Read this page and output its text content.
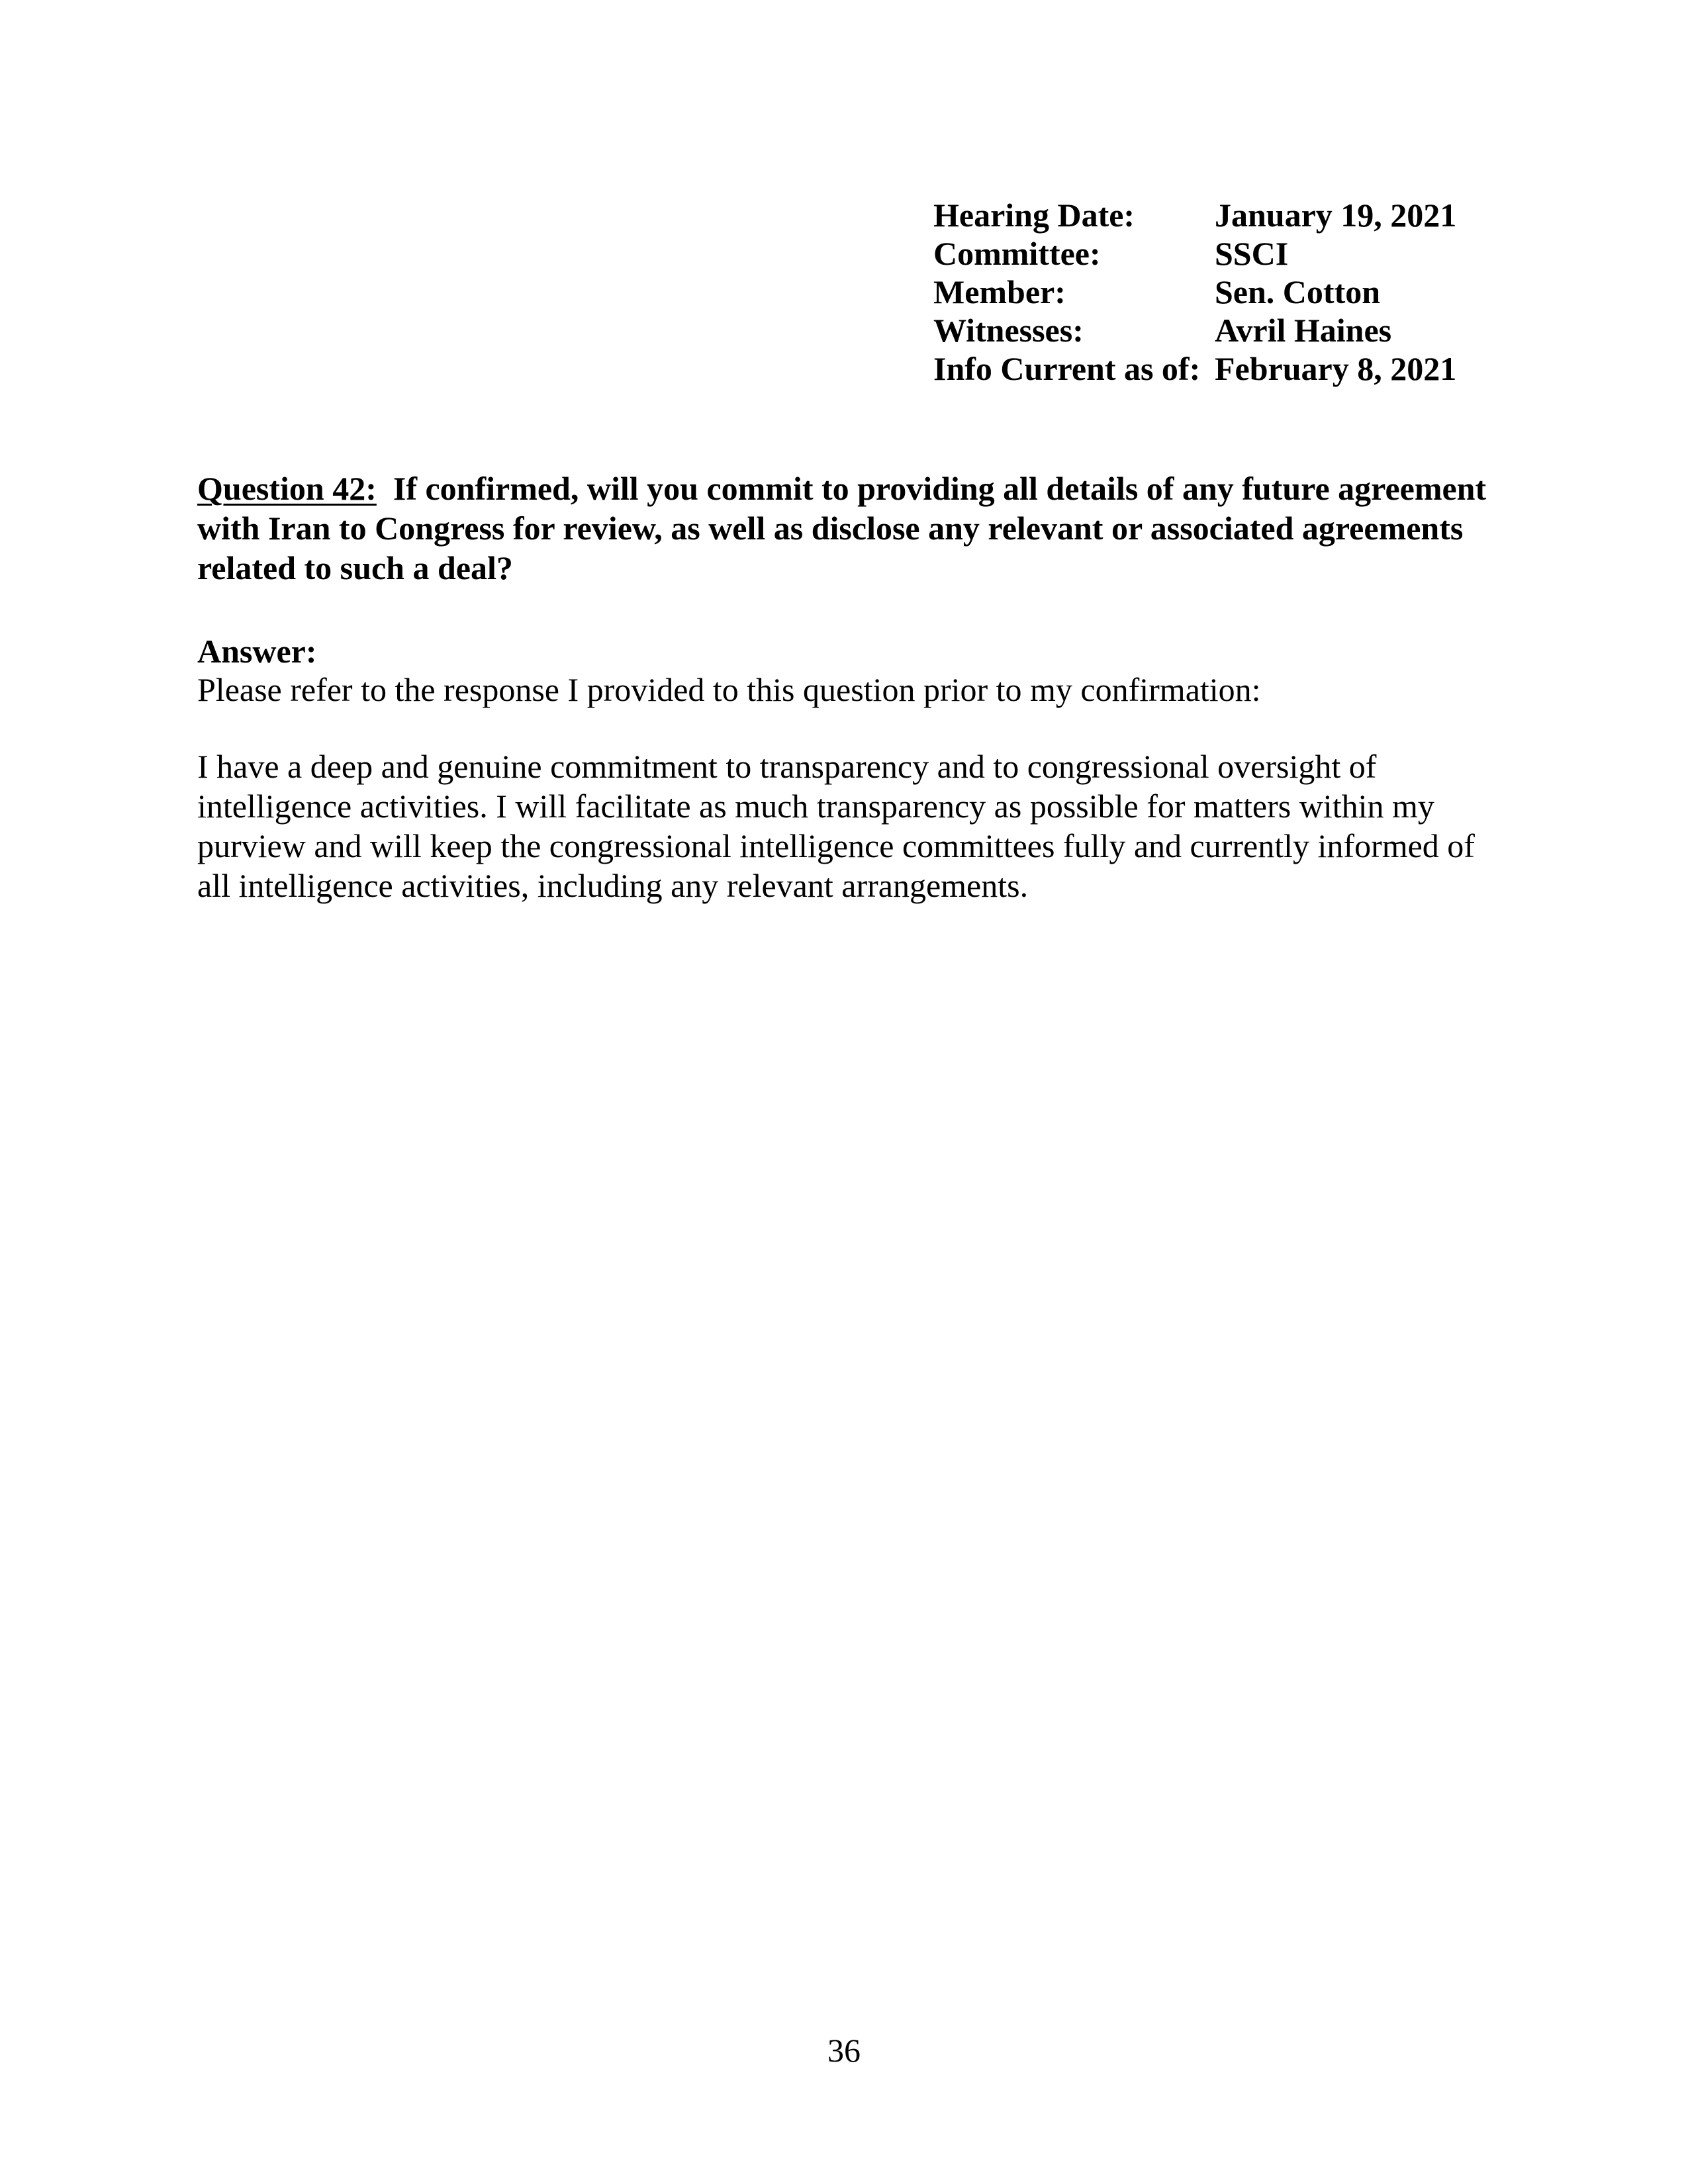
Hearing Date:	January 19, 2021
Committee:	SSCI
Member:	Sen. Cotton
Witnesses:	Avril Haines
Info Current as of: February 8, 2021
Question 42: If confirmed, will you commit to providing all details of any future agreement with Iran to Congress for review, as well as disclose any relevant or associated agreements related to such a deal?
Answer:
Please refer to the response I provided to this question prior to my confirmation:
I have a deep and genuine commitment to transparency and to congressional oversight of intelligence activities. I will facilitate as much transparency as possible for matters within my purview and will keep the congressional intelligence committees fully and currently informed of all intelligence activities, including any relevant arrangements.
36
